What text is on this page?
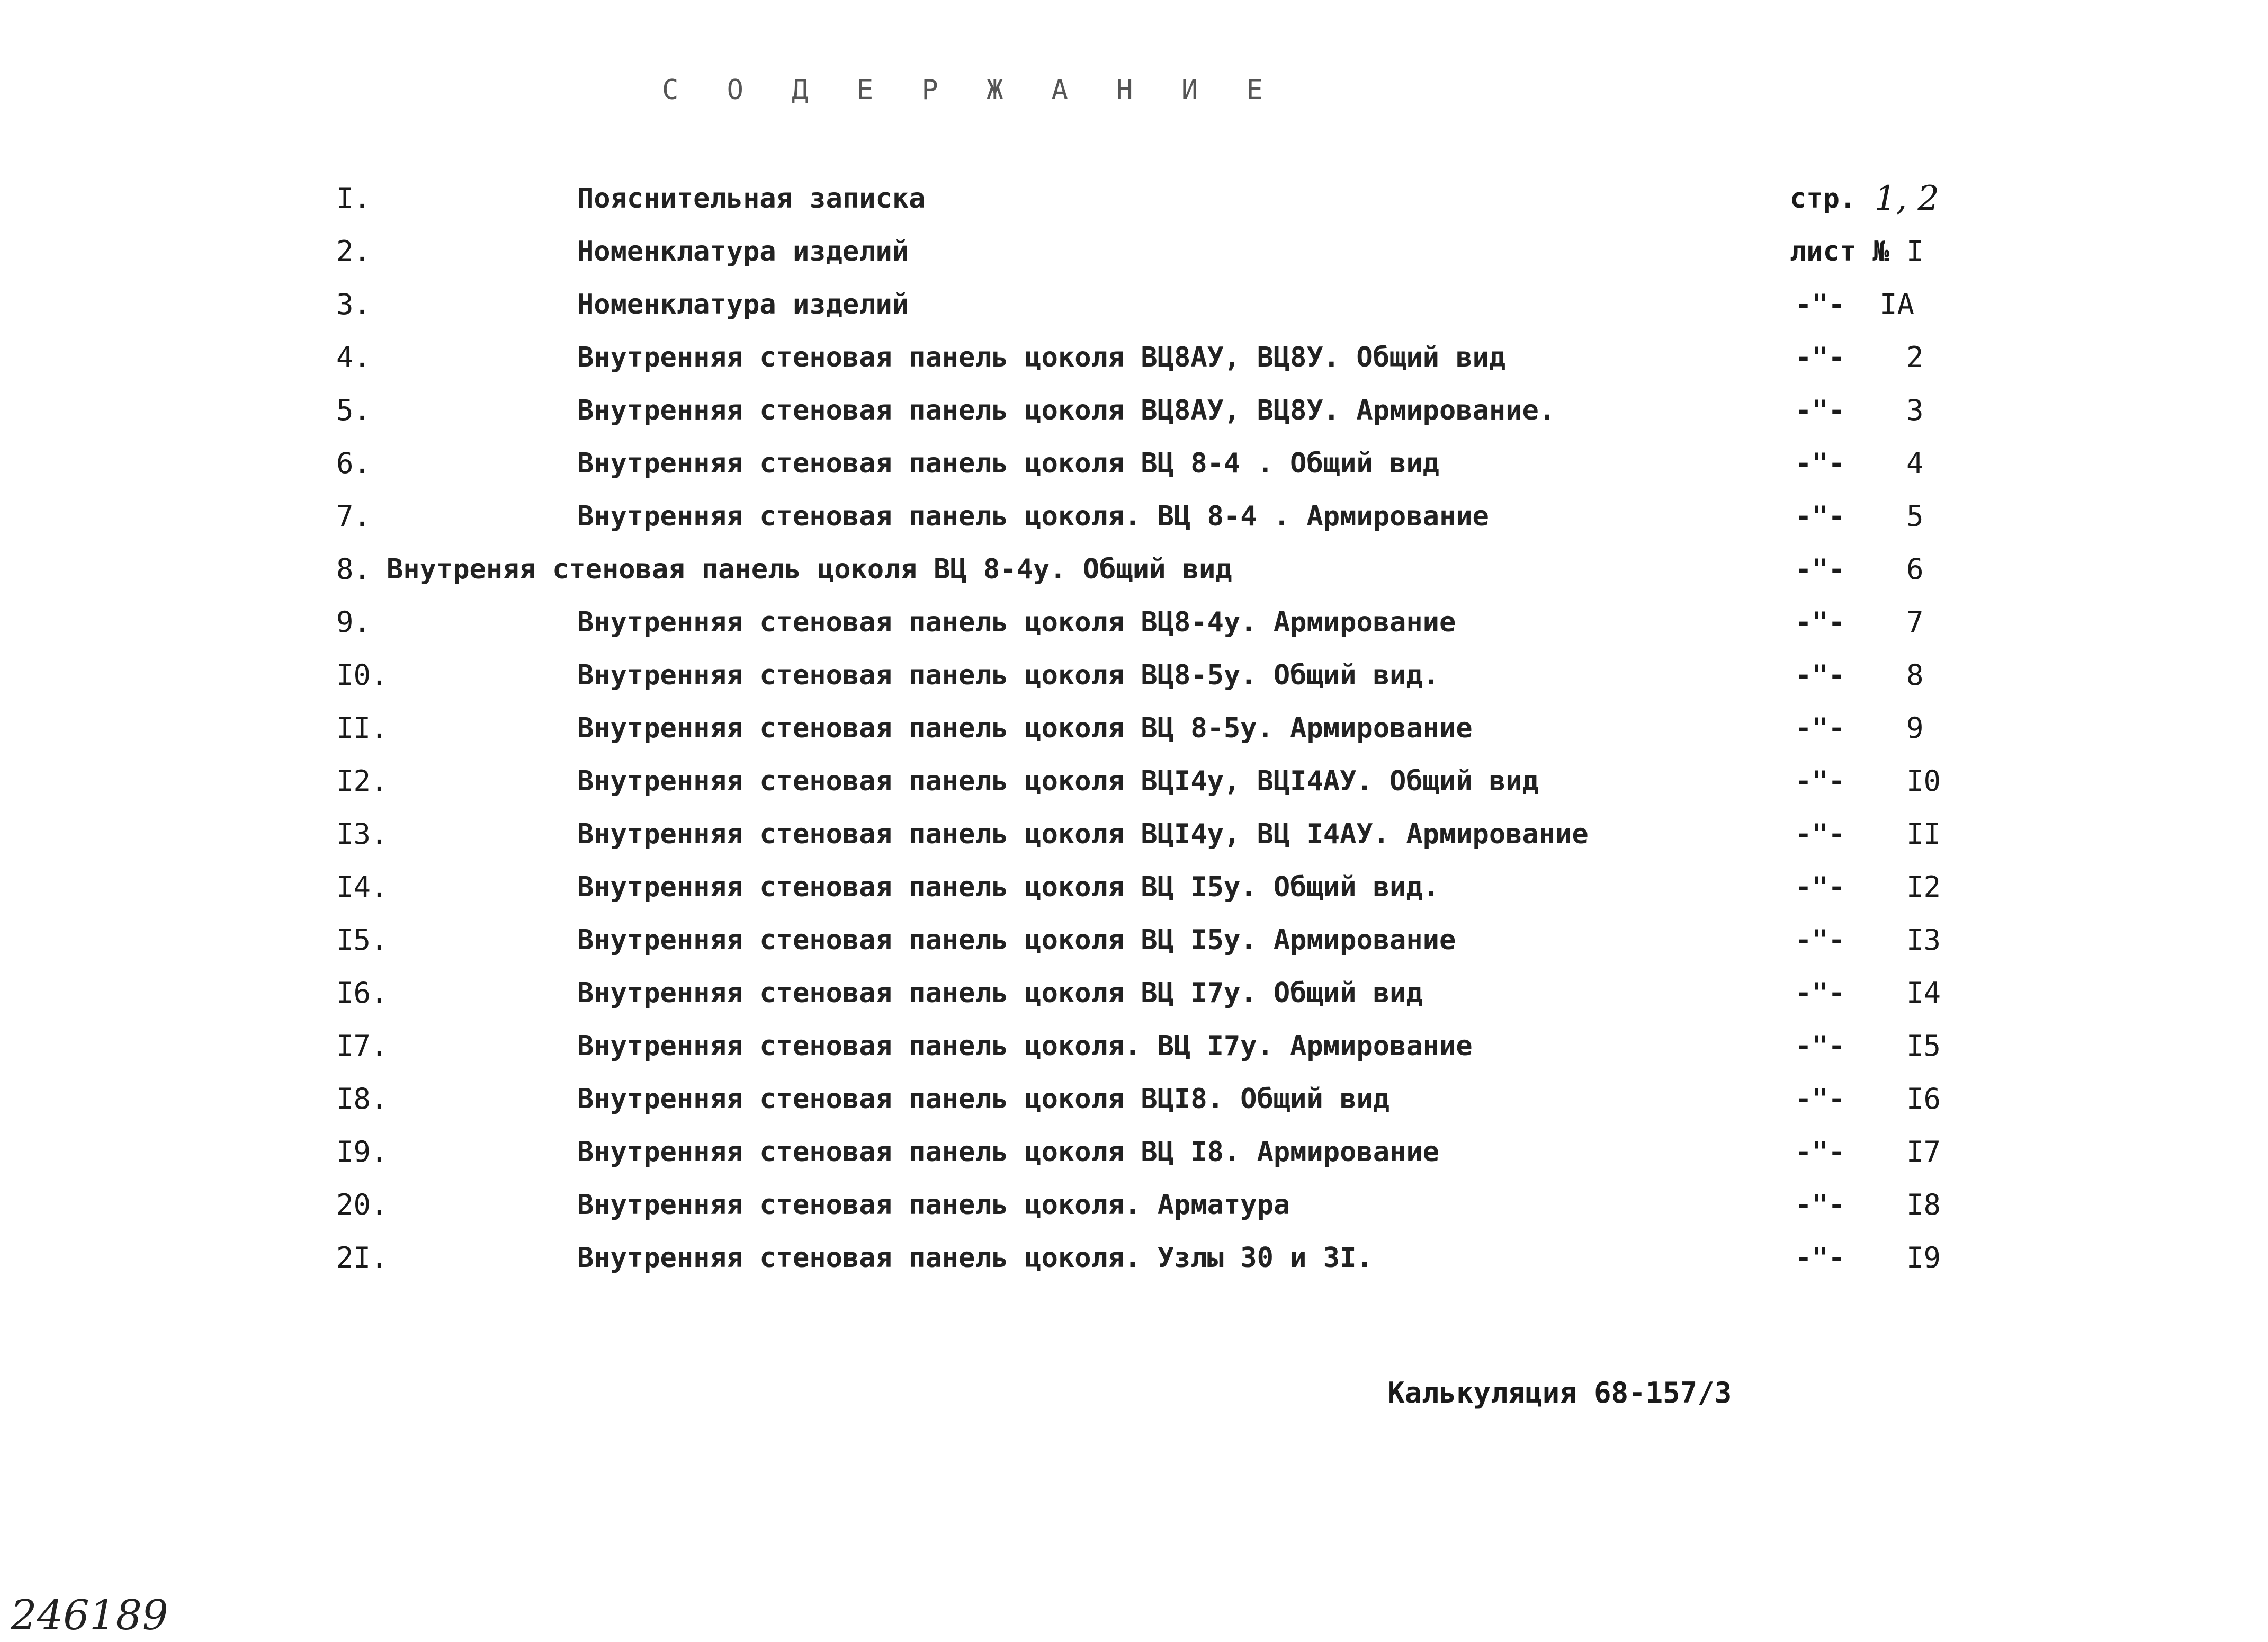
С О Д Е Р Ж А Н И Е
I.	Пояснительная записка	стр. 1, 2
2.	Номенклатура изделий	лист № I
3.	Номенклатура изделий	-"- IA
4.	Внутренняя стеновая панель цоколя ВЦ8АУ, ВЦ8У. Общий вид	-"- 2
5.	Внутренняя стеновая панель цоколя ВЦ8АУ, ВЦ8У. Армирование.	-"- 3
6.	Внутренняя стеновая панель цоколя ВЦ 8-4 . Общий вид	-"- 4
7.	Внутренняя стеновая панель цоколя. ВЦ 8-4 . Армирование	-"- 5
8. Внутреняя стеновая панель цоколя ВЦ 8-4у. Общий вид	-"- 6
9.	Внутренняя стеновая панель цоколя ВЦ8-4у. Армирование	-"- 7
I0.	Внутренняя стеновая панель цоколя ВЦ8-5у. Общий вид.	-"- 8
II.	Внутренняя стеновая панель цоколя ВЦ 8-5у. Армирование	-"- 9
I2.	Внутренняя стеновая панель цоколя ВЦI4у, ВЦI4АУ. Общий вид	-"- I0
I3.	Внутренняя стеновая панель цоколя ВЦI4у, ВЦ I4АУ. Армирование	-"- II
I4.	Внутренняя стеновая панель цоколя ВЦ I5у. Общий вид.	-"- I2
I5.	Внутренняя стеновая панель цоколя ВЦ I5у. Армирование	-"- I3
I6.	Внутренняя стеновая панель цоколя ВЦ I7у. Общий вид	-"- I4
I7.	Внутренняя стеновая панель цоколя. ВЦ I7у. Армирование	-"- I5
I8.	Внутренняя стеновая панель цоколя ВЦI8. Общий вид	-"- I6
I9.	Внутренняя стеновая панель цоколя ВЦ I8. Армирование	-"- I7
20.	Внутренняя стеновая панель цоколя. Арматура	-"- I8
2I.	Внутренняя стеновая панель цоколя. Узлы 30 и 3I.	-"- I9
Калькуляция 68-157/3
246189
